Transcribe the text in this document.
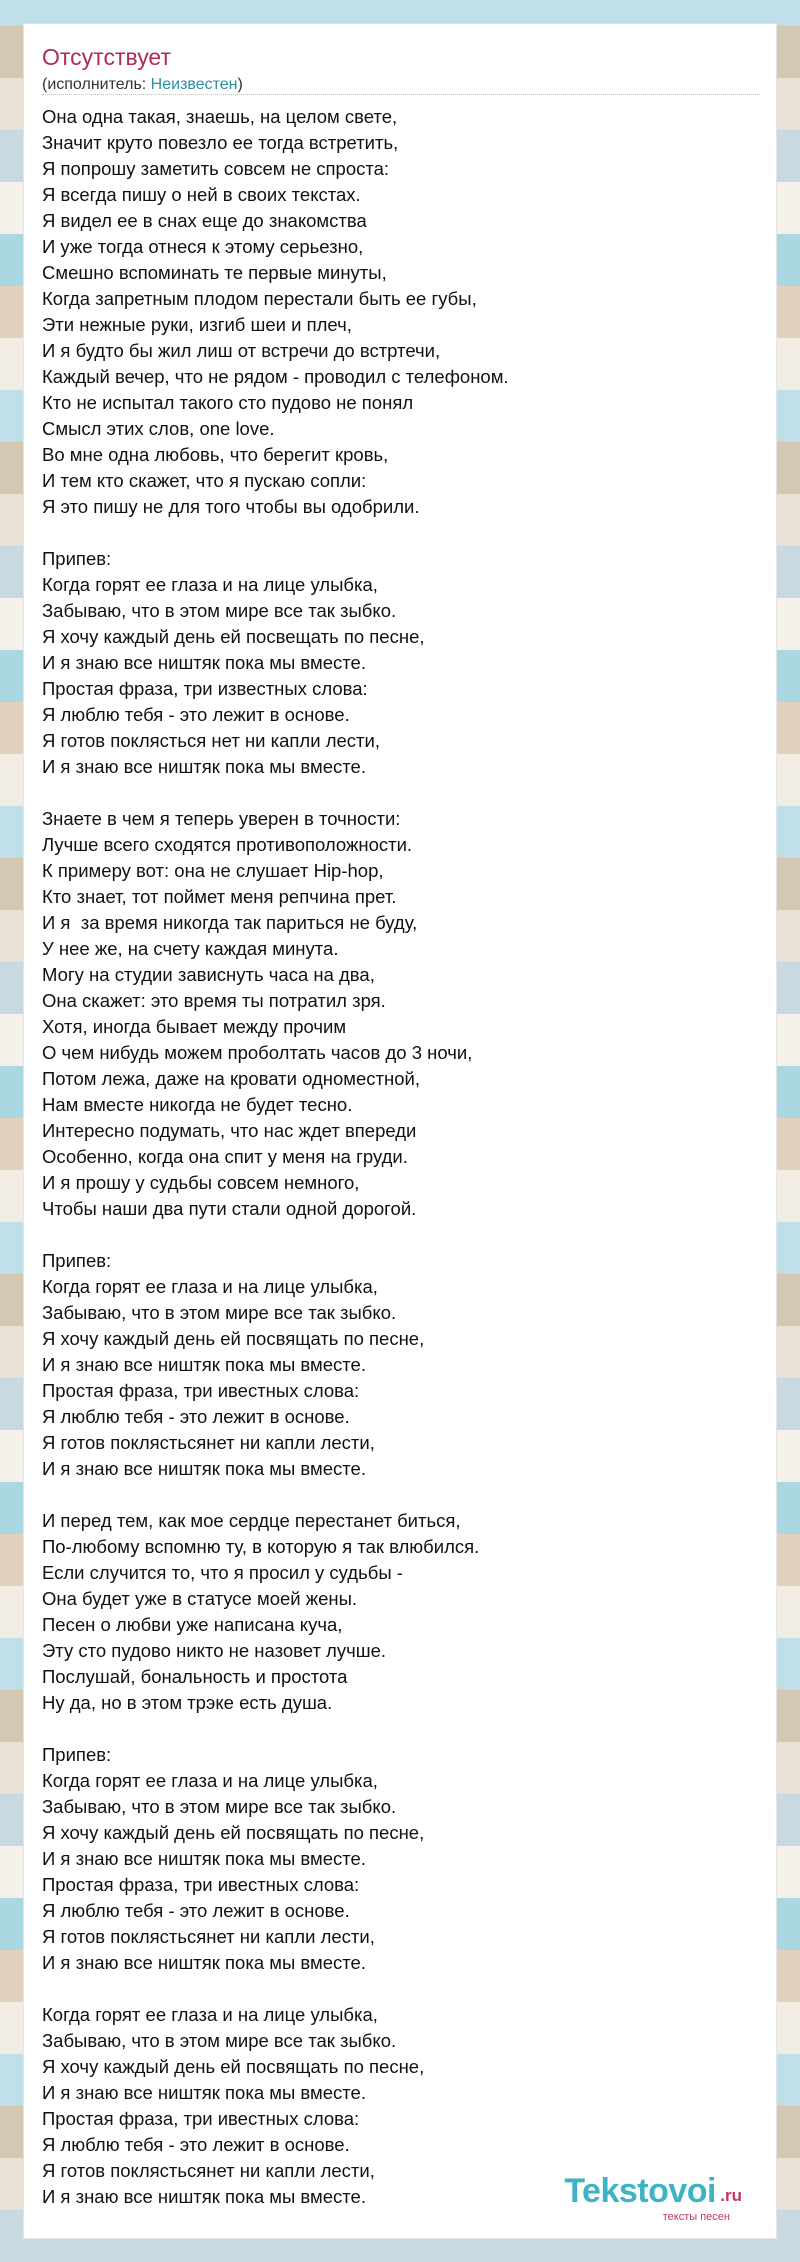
Отсутствует
(исполнитель: Неизвестен)
Она одна такая, знаешь, на целом свете,
Значит круто повезло ее тогда встретить,
Я попрошу заметить совсем не спроста:
Я всегда пишу о ней в своих текстах.
Я видел ее в снах еще до знакомства
И уже тогда отнеся к этому серьезно,
Смешно вспоминать те первые минуты,
Когда запретным плодом перестали быть ее губы,
Эти нежные руки, изгиб шеи и плеч,
И я будто бы жил лиш от встречи до встртечи,
Каждый вечер, что не рядом - проводил с телефоном.
Кто не испытал такого сто пудово не понял
Смысл этих слов, one love.
Во мне одна любовь, что берегит кровь,
И тем кто скажет, что я пускаю сопли:
Я это пишу не для того чтобы вы одобрили.
Припев:
Когда горят ее глаза и на лице улыбка,
Забываю, что в этом мире все так зыбко.
Я хочу каждый день ей посвещать по песне,
И я знаю все ништяк пока мы вместе.
Простая фраза, три известных слова:
Я люблю тебя - это лежит в основе.
Я готов поклясться нет ни капли лести,
И я знаю все ништяк пока мы вместе.
Знаете в чем я теперь уверен в точности:
Лучше всего сходятся противоположности.
К примеру вот: она не слушает Hip-hop,
Кто знает, тот поймет меня репчина прет.
И я  за время никогда так париться не буду,
У нее же, на счету каждая минута.
Могу на студии зависнуть часа на два,
Она скажет: это время ты потратил зря.
Хотя, иногда бывает между прочим
О чем нибудь можем проболтать часов до 3 ночи,
Потом лежа, даже на кровати одноместной,
Нам вместе никогда не будет тесно.
Интересно подумать, что нас ждет впереди
Особенно, когда она спит у меня на груди.
И я прошу у судьбы совсем немного,
Чтобы наши два пути стали одной дорогой.
Припев:
Когда горят ее глаза и на лице улыбка,
Забываю, что в этом мире все так зыбко.
Я хочу каждый день ей посвящать по песне,
И я знаю все ништяк пока мы вместе.
Простая фраза, три ивестных слова:
Я люблю тебя - это лежит в основе.
Я готов поклястьсянет ни капли лести,
И я знаю все ништяк пока мы вместе.
И перед тем, как мое сердце перестанет биться,
По-любому вспомню ту, в которую я так влюбился.
Если случится то, что я просил у судьбы -
Она будет уже в статусе моей жены.
Песен о любви уже написана куча,
Эту сто пудово никто не назовет лучше.
Послушай, бональность и простота
Ну да, но в этом трэке есть душа.
Припев:
Когда горят ее глаза и на лице улыбка,
Забываю, что в этом мире все так зыбко.
Я хочу каждый день ей посвящать по песне,
И я знаю все ништяк пока мы вместе.
Простая фраза, три ивестных слова:
Я люблю тебя - это лежит в основе.
Я готов поклястьсянет ни капли лести,
И я знаю все ништяк пока мы вместе.
Когда горят ее глаза и на лице улыбка,
Забываю, что в этом мире все так зыбко.
Я хочу каждый день ей посвящать по песне,
И я знаю все ништяк пока мы вместе.
Простая фраза, три ивестных слова:
Я люблю тебя - это лежит в основе.
Я готов поклястьсянет ни капли лести,
И я знаю все ништяк пока мы вместе.	Tekstovoi .ru
тексты песен
